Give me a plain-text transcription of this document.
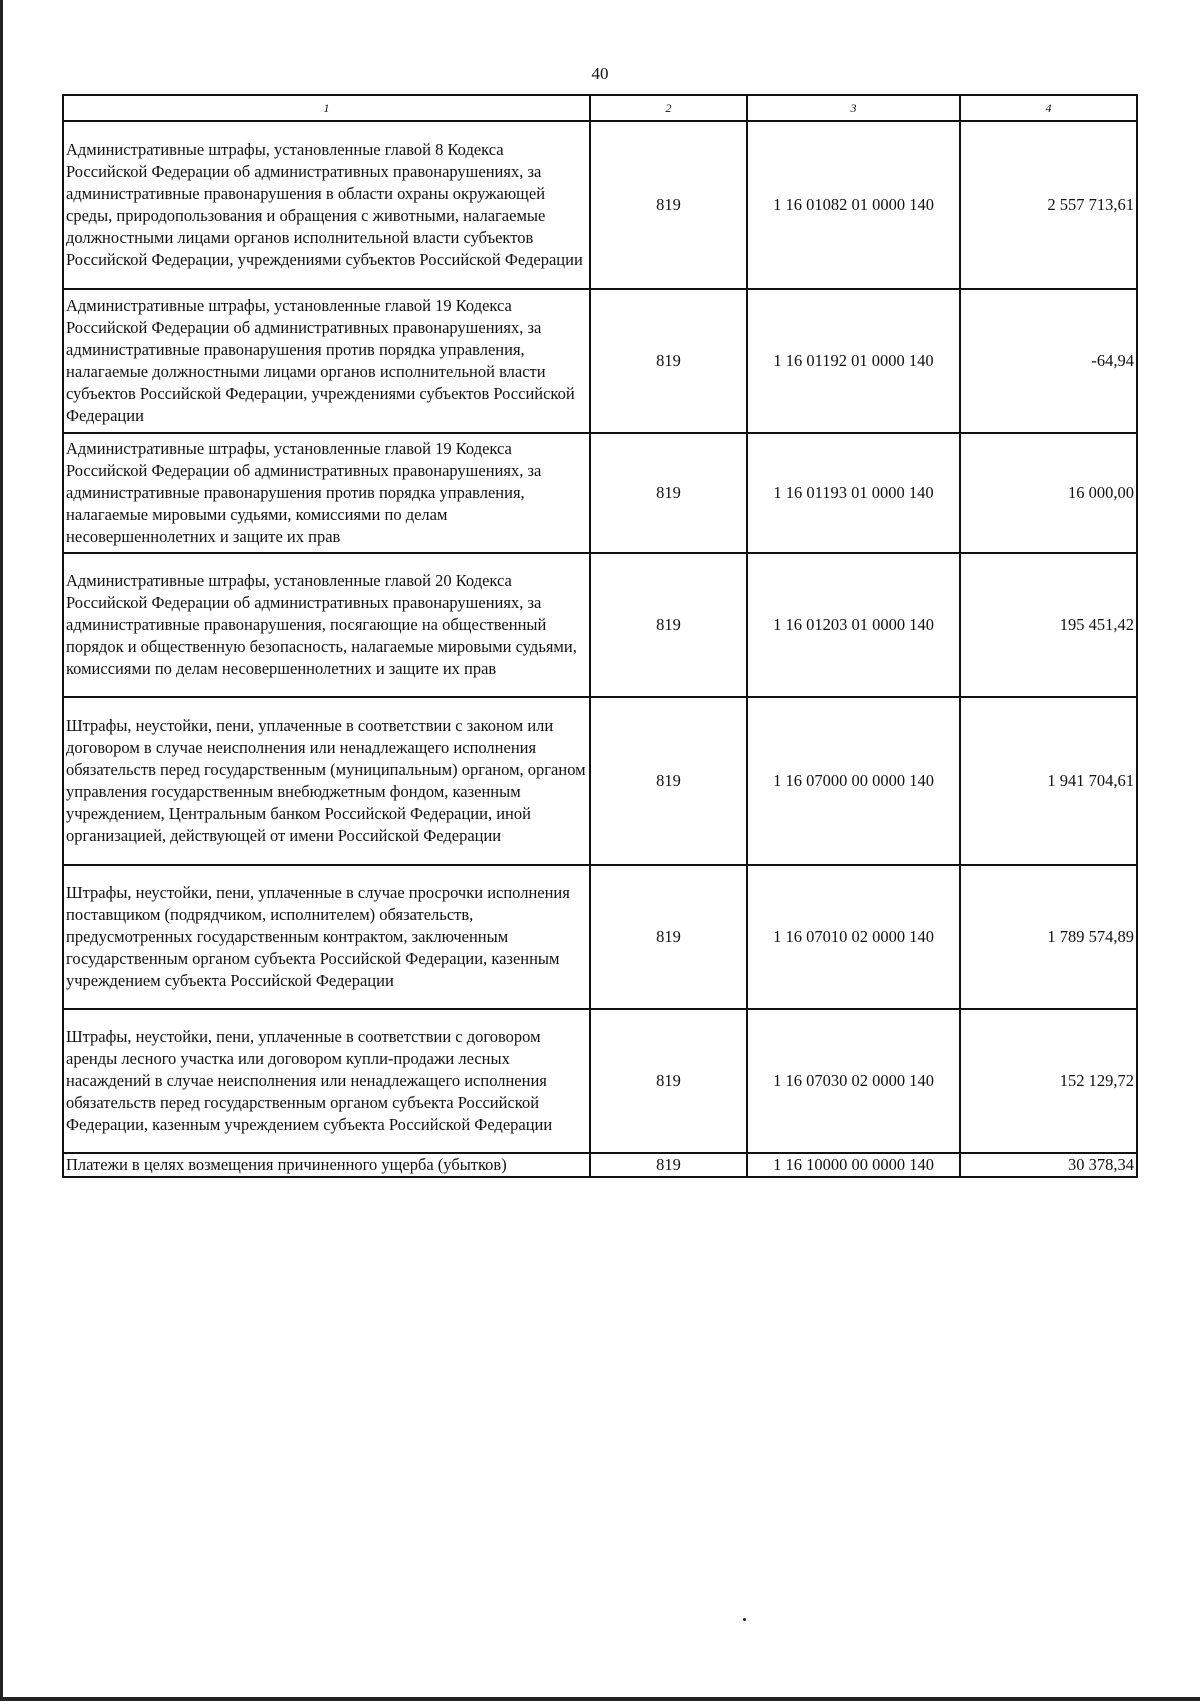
40
1	2	3	4
Административные штрафы, установленные главой 8 Кодекса Российской Федерации об административных правонарушениях, за административные правонарушения в области охраны окружающей среды, природопользования и обращения с животными, налагаемые должностными лицами органов исполнительной власти субъектов Российской Федерации, учреждениями субъектов Российской Федерации	819	1 16 01082 01 0000 140	2 557 713,61
Административные штрафы, установленные главой 19 Кодекса Российской Федерации об административных правонарушениях, за административные правонарушения против порядка управления, налагаемые должностными лицами органов исполнительной власти субъектов Российской Федерации, учреждениями субъектов Российской Федерации	819	1 16 01192 01 0000 140	-64,94
Административные штрафы, установленные главой 19 Кодекса Российской Федерации об административных правонарушениях, за административные правонарушения против порядка управления, налагаемые мировыми судьями, комиссиями по делам несовершеннолетних и защите их прав	819	1 16 01193 01 0000 140	16 000,00
Административные штрафы, установленные главой 20 Кодекса Российской Федерации об административных правонарушениях, за административные правонарушения, посягающие на общественный порядок и общественную безопасность, налагаемые мировыми судьями, комиссиями по делам несовершеннолетних и защите их прав	819	1 16 01203 01 0000 140	195 451,42
Штрафы, неустойки, пени, уплаченные в соответствии с законом или договором в случае неисполнения или ненадлежащего исполнения обязательств перед государственным (муниципальным) органом, органом управления государственным внебюджетным фондом, казенным учреждением, Центральным банком Российской Федерации, иной организацией, действующей от имени Российской Федерации	819	1 16 07000 00 0000 140	1 941 704,61
Штрафы, неустойки, пени, уплаченные в случае просрочки исполнения поставщиком (подрядчиком, исполнителем) обязательств, предусмотренных государственным контрактом, заключенным государственным органом субъекта Российской Федерации, казенным учреждением субъекта Российской Федерации	819	1 16 07010 02 0000 140	1 789 574,89
Штрафы, неустойки, пени, уплаченные в соответствии с договором аренды лесного участка или договором купли-продажи лесных насаждений в случае неисполнения или ненадлежащего исполнения обязательств перед государственным органом субъекта Российской Федерации, казенным учреждением субъекта Российской Федерации	819	1 16 07030 02 0000 140	152 129,72
Платежи в целях возмещения причиненного ущерба (убытков)	819	1 16 10000 00 0000 140	30 378,34
